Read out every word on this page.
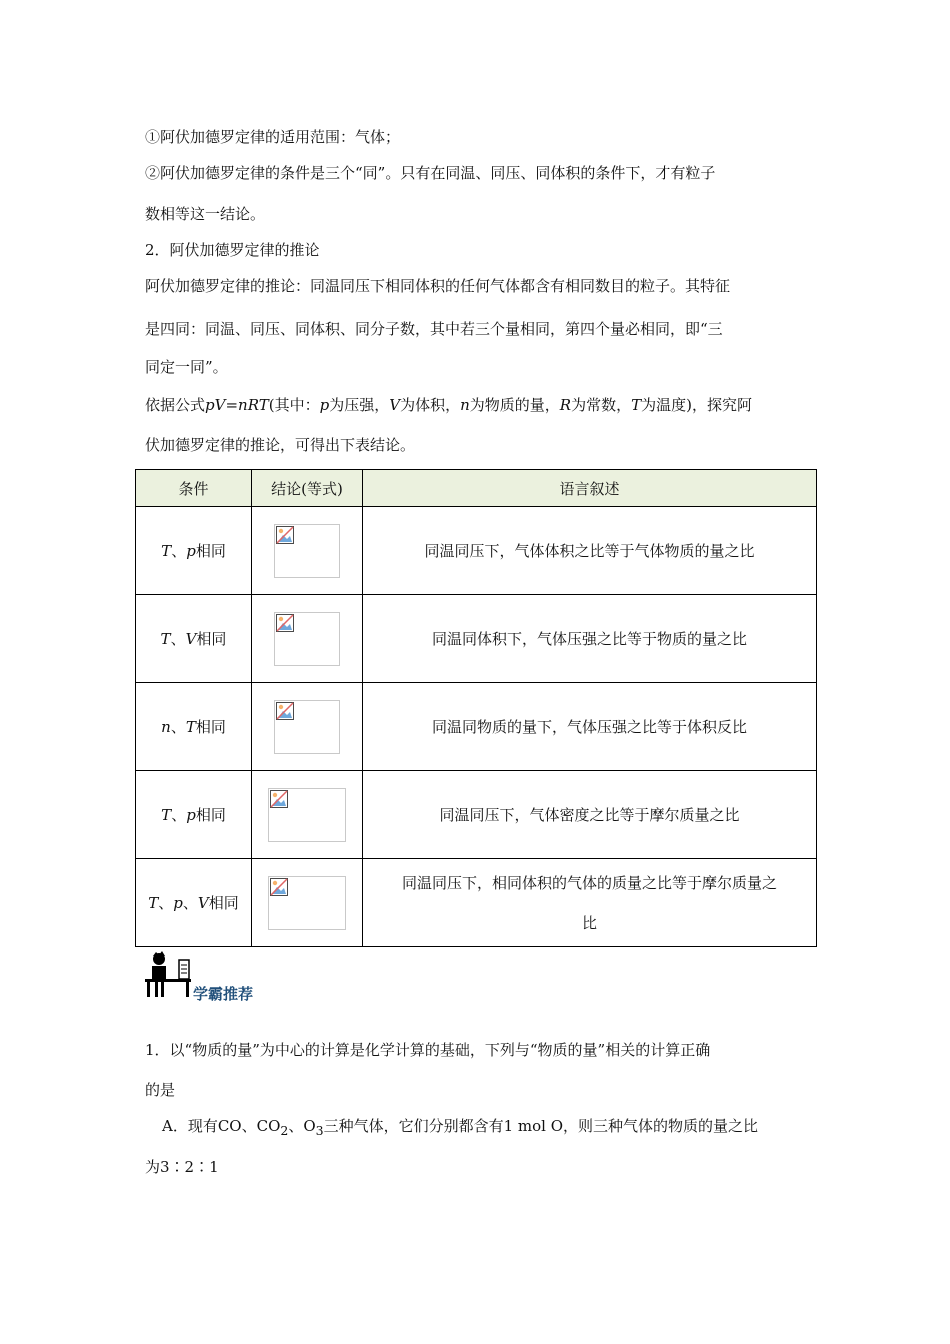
①阿伏加德罗定律的适用范围：气体；
②阿伏加德罗定律的条件是三个“同”。只有在同温、同压、同体积的条件下，才有粒子
数相等这一结论。
2．阿伏加德罗定律的推论
阿伏加德罗定律的推论：同温同压下相同体积的任何气体都含有相同数目的粒子。其特征
是四同：同温、同压、同体积、同分子数，其中若三个量相同，第四个量必相同，即“三
同定一同”。
依据公式pV=nRT(其中：p为压强，V为体积，n为物质的量，R为常数，T为温度)，探究阿
伏加德罗定律的推论，可得出下表结论。
条件	结论(等式)	语言叙述
T、p相同		同温同压下，气体体积之比等于气体物质的量之比
T、V相同		同温同体积下，气体压强之比等于物质的量之比
n、T相同		同温同物质的量下，气体压强之比等于体积反比
T、p相同		同温同压下，气体密度之比等于摩尔质量之比
T、p、V相同		同温同压下，相同体积的气体的质量之比等于摩尔质量之
比
学霸推荐
1．以“物质的量”为中心的计算是化学计算的基础，下列与“物质的量”相关的计算正确
的是
A．现有CO、$CO_2$、$O_3$三种气体，它们分别都含有1 mol O，则三种气体的物质的量之比
为3∶2∶1
